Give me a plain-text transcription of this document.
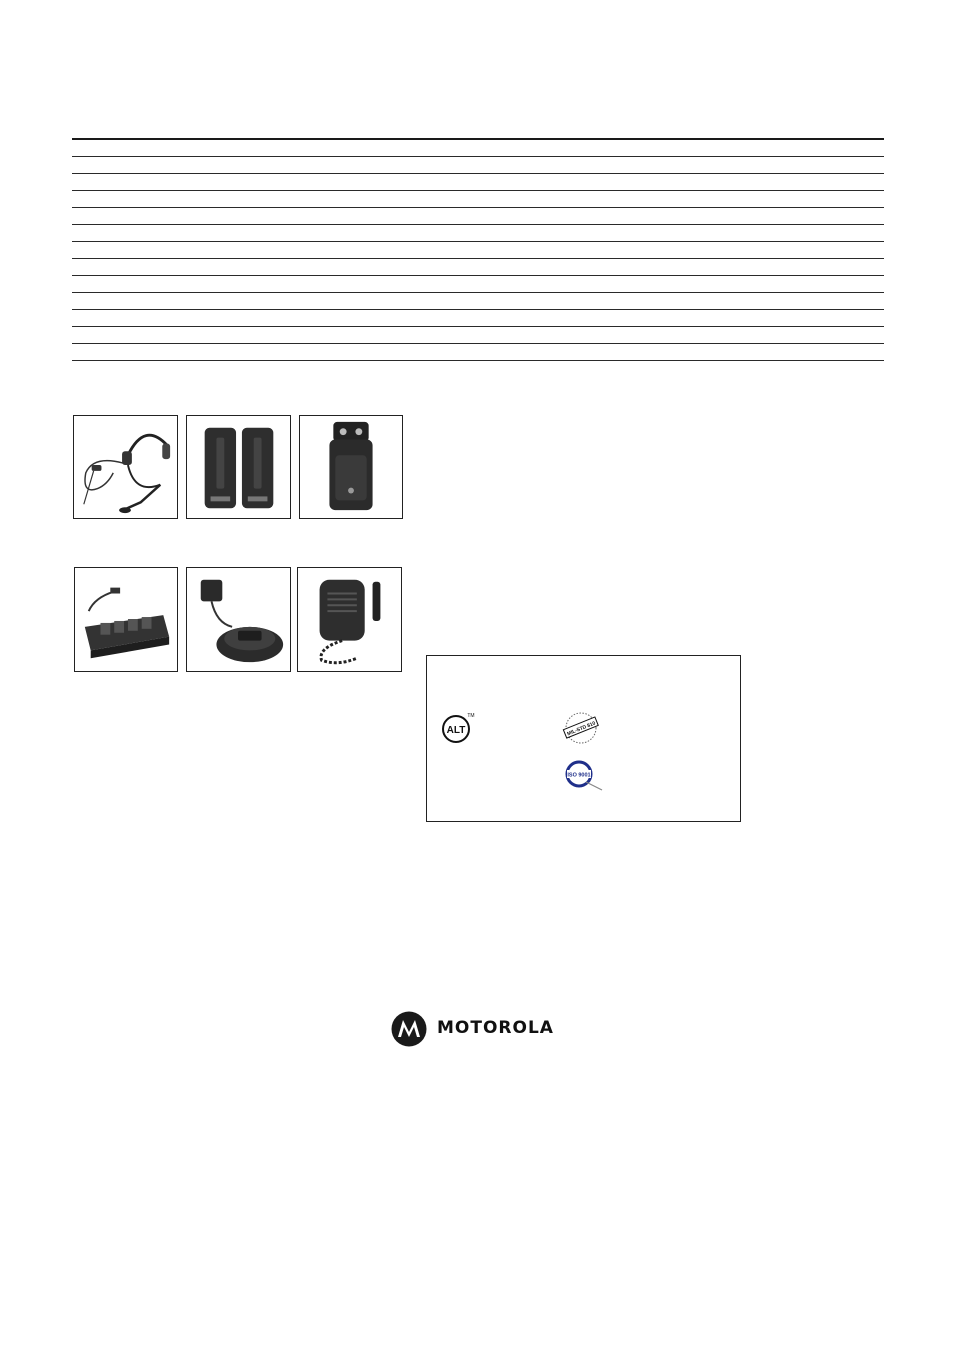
ALT
TM
MIL-STD 810
ISO 9001
MOTOROLA
